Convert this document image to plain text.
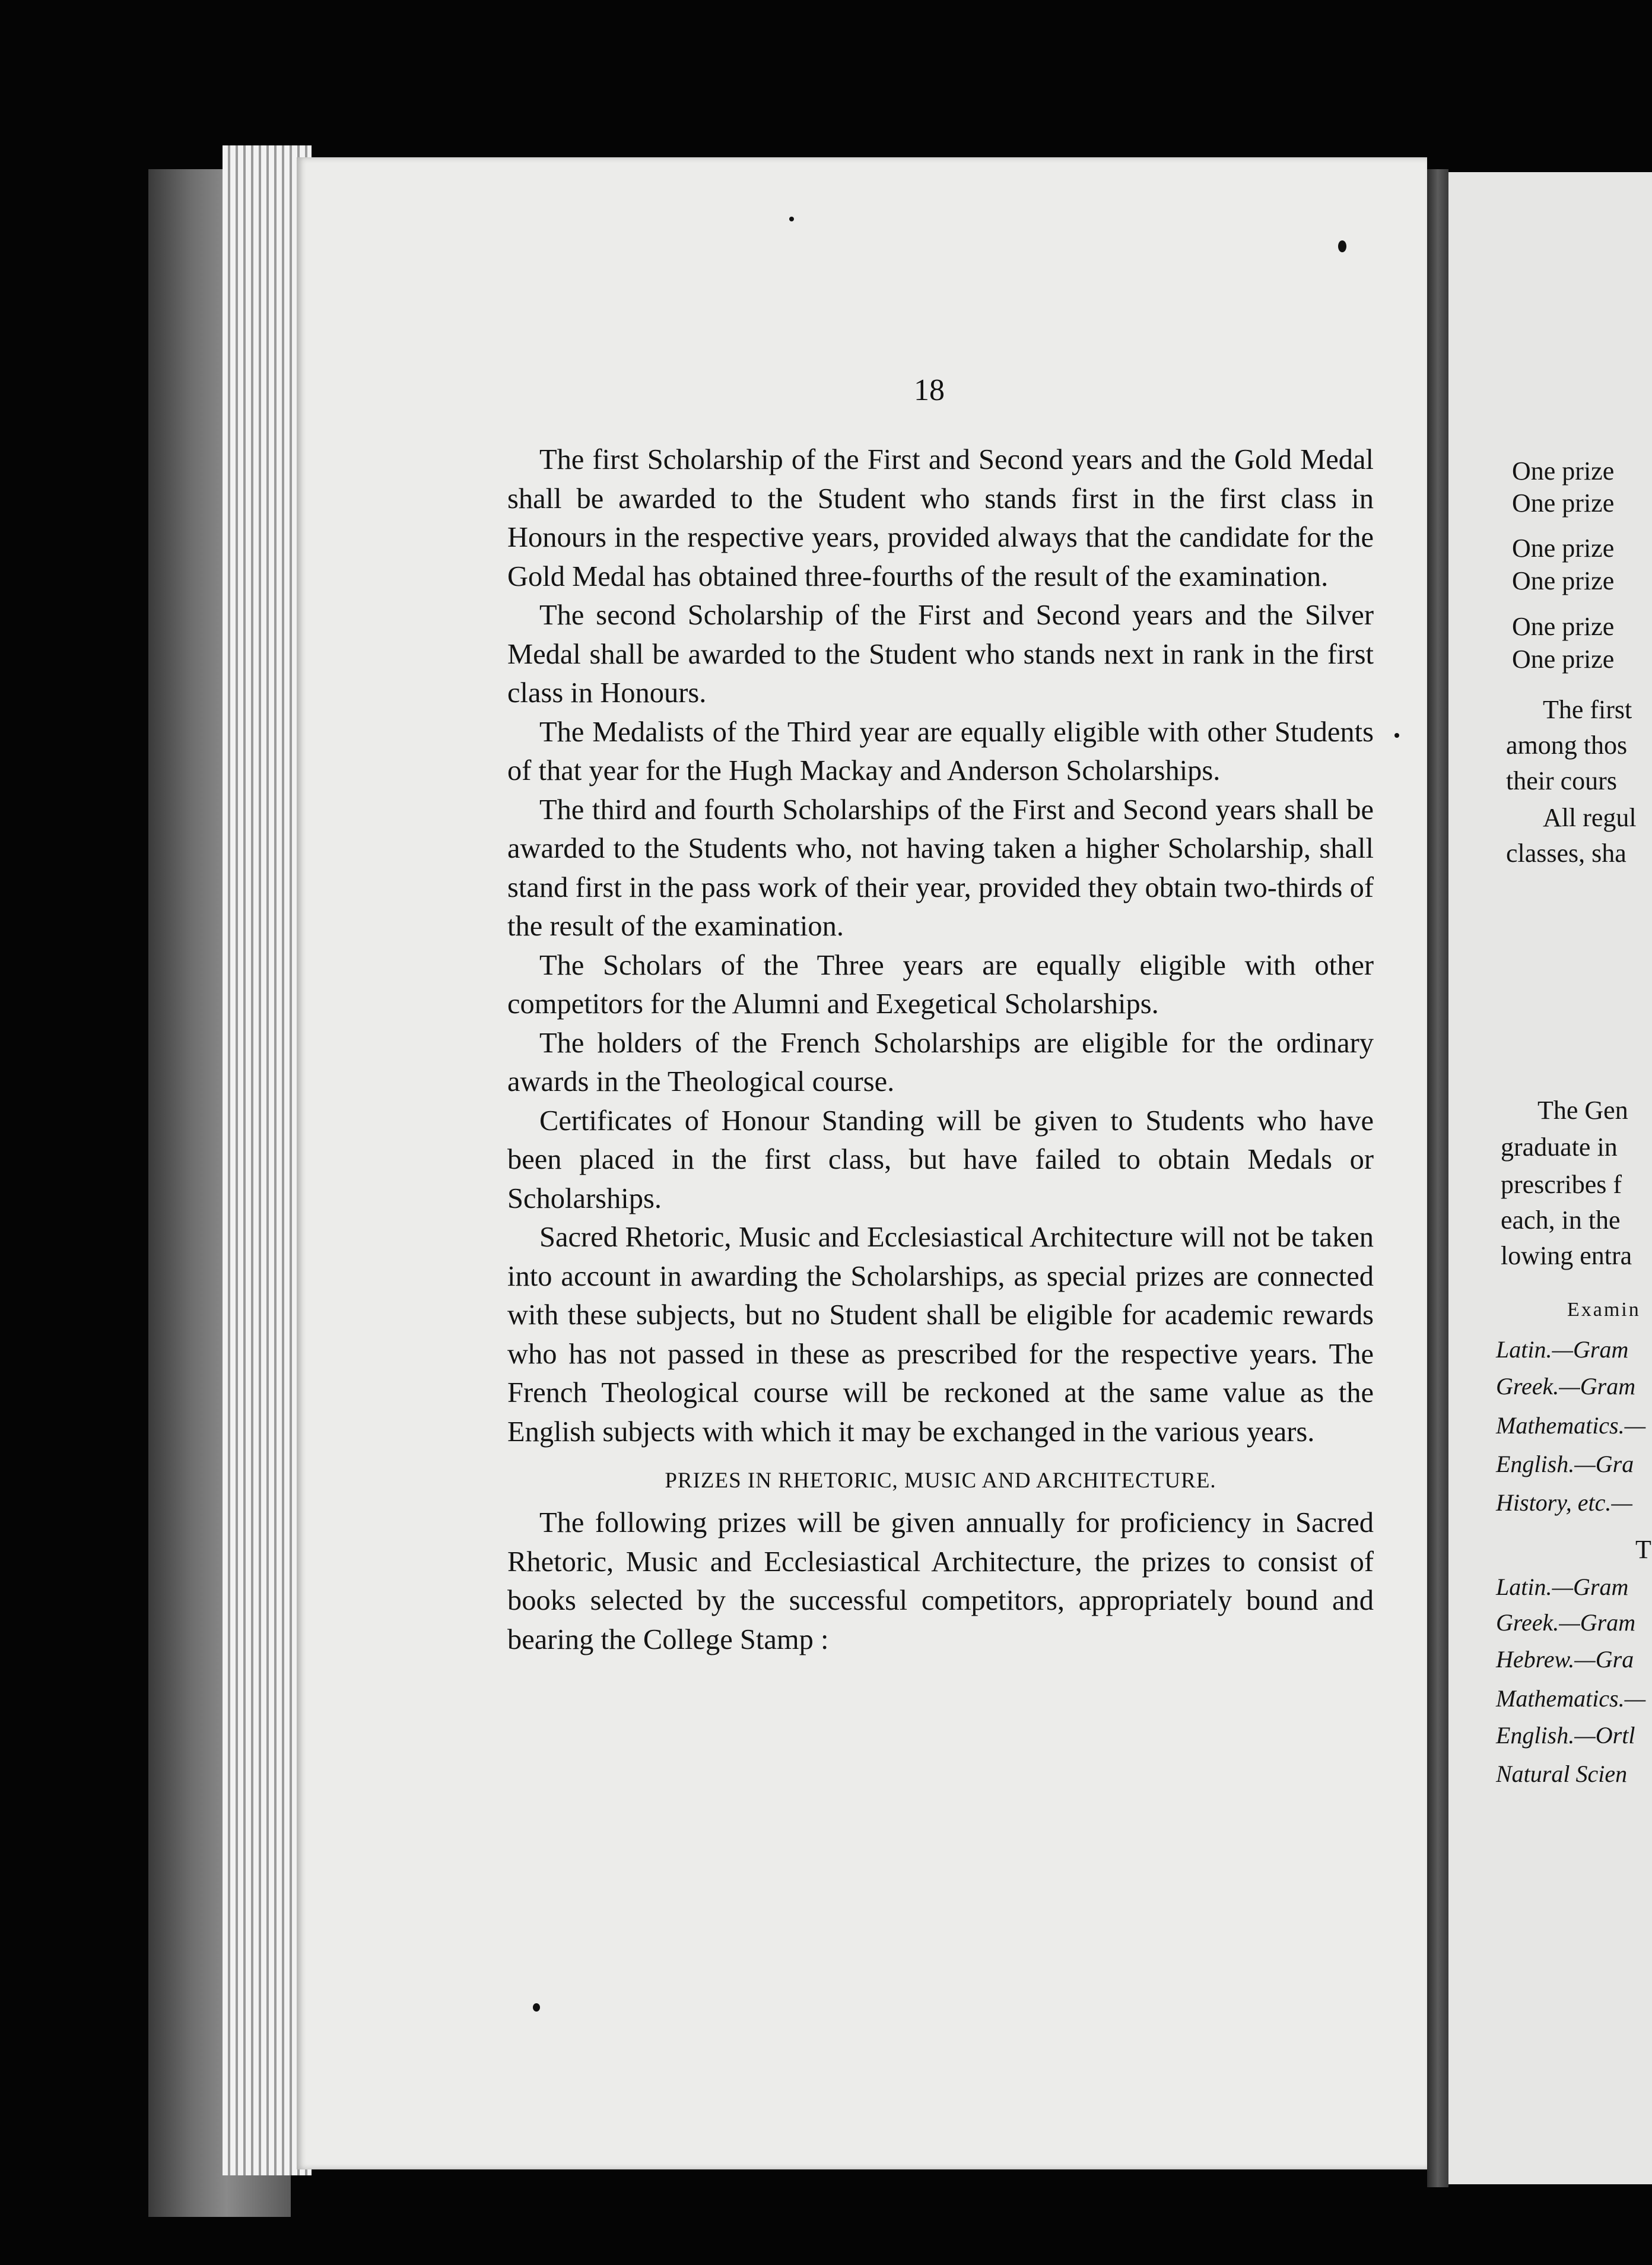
18

The first Scholarship of the First and Second years and the Gold Medal shall be awarded to the Student who stands first in the first class in Honours in the respective years, provided always that the candidate for the Gold Medal has obtained three-fourths of the result of the examination.

The second Scholarship of the First and Second years and the Silver Medal shall be awarded to the Student who stands next in rank in the first class in Honours.

The Medalists of the Third year are equally eligible with other Students of that year for the Hugh Mackay and Anderson Scholarships.

The third and fourth Scholarships of the First and Second years shall be awarded to the Students who, not having taken a higher Scholarship, shall stand first in the pass work of their year, provided they obtain two-thirds of the result of the examination.

The Scholars of the Three years are equally eligible with other competitors for the Alumni and Exegetical Scholarships.

The holders of the French Scholarships are eligible for the ordinary awards in the Theological course.

Certificates of Honour Standing will be given to Students who have been placed in the first class, but have failed to obtain Medals or Scholarships.

Sacred Rhetoric, Music and Ecclesiastical Architecture will not be taken into account in awarding the Scholarships, as special prizes are connected with these subjects, but no Student shall be eligible for academic rewards who has not passed in these as prescribed for the respective years. The French Theological course will be reckoned at the same value as the English subjects with which it may be exchanged in the various years.

PRIZES IN RHETORIC, MUSIC AND ARCHITECTURE.

The following prizes will be given annually for proficiency in Sacred Rhetoric, Music and Ecclesiastical Architecture, the prizes to consist of books selected by the successful competitors, appropriately bound and bearing the College Stamp :

One prize
One prize
One prize
One prize
One prize
One prize
The first
among thos
their cours
All regul
classes, sha
The Gen
graduate in
prescribes f
each, in the
lowing entra
Examin
Latin.—Gram
Greek.—Gram
Mathematics.—
English.—Gra
History, etc.—
T
Latin.—Gram
Greek.—Gram
Hebrew.—Gra
Mathematics.—
English.—Ortl
Natural Scien
